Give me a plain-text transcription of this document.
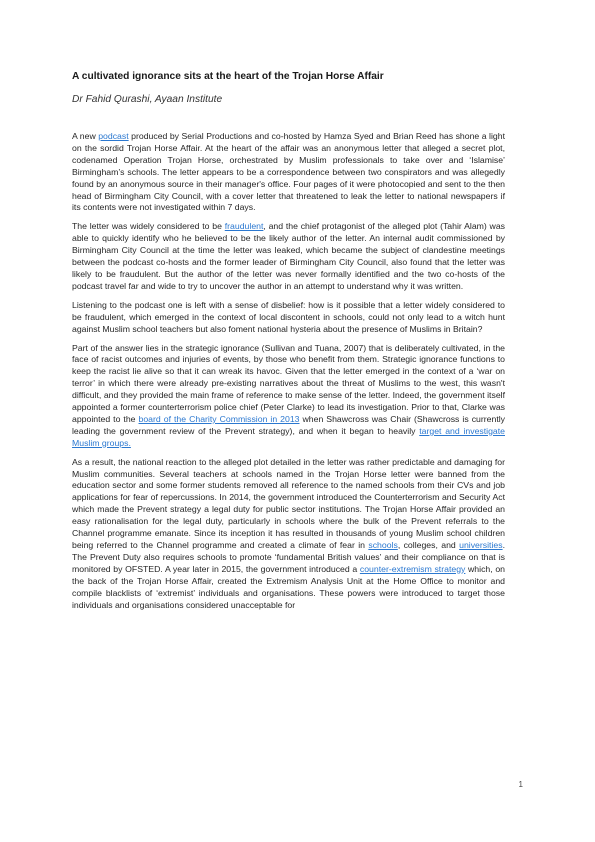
A cultivated ignorance sits at the heart of the Trojan Horse Affair
Dr Fahid Qurashi, Ayaan Institute

A new podcast produced by Serial Productions and co-hosted by Hamza Syed and Brian Reed has shone a light on the sordid Trojan Horse Affair. At the heart of the affair was an anonymous letter that alleged a secret plot, codenamed Operation Trojan Horse, orchestrated by Muslim professionals to take over and ‘Islamise’ Birmingham’s schools. The letter appears to be a correspondence between two conspirators and was allegedly found by an anonymous source in their manager's office. Four pages of it were photocopied and sent to the then head of Birmingham City Council, with a cover letter that threatened to leak the letter to national newspapers if its contents were not investigated within 7 days.

The letter was widely considered to be fraudulent, and the chief protagonist of the alleged plot (Tahir Alam) was able to quickly identify who he believed to be the likely author of the letter. An internal audit commissioned by Birmingham City Council at the time the letter was leaked, which became the subject of clandestine meetings between the podcast co-hosts and the former leader of Birmingham City Council, also found that the letter was likely to be fraudulent. But the author of the letter was never formally identified and the two co-hosts of the podcast travel far and wide to try to uncover the author in an attempt to understand why it was written.

Listening to the podcast one is left with a sense of disbelief: how is it possible that a letter widely considered to be fraudulent, which emerged in the context of local discontent in schools, could not only lead to a witch hunt against Muslim school teachers but also foment national hysteria about the presence of Muslims in Britain?

Part of the answer lies in the strategic ignorance (Sullivan and Tuana, 2007) that is deliberately cultivated, in the face of racist outcomes and injuries of events, by those who benefit from them. Strategic ignorance functions to keep the racist lie alive so that it can wreak its havoc. Given that the letter emerged in the context of a ‘war on terror’ in which there were already pre-existing narratives about the threat of Muslims to the west, this wasn't difficult, and they provided the main frame of reference to make sense of the letter. Indeed, the government itself appointed a former counterterrorism police chief (Peter Clarke) to lead its investigation. Prior to that, Clarke was appointed to the board of the Charity Commission in 2013 when Shawcross was Chair (Shawcross is currently leading the government review of the Prevent strategy), and when it began to heavily target and investigate Muslim groups.

As a result, the national reaction to the alleged plot detailed in the letter was rather predictable and damaging for Muslim communities. Several teachers at schools named in the Trojan Horse letter were banned from the education sector and some former students removed all reference to the named schools from their CVs and job applications for fear of repercussions. In 2014, the government introduced the Counterterrorism and Security Act which made the Prevent strategy a legal duty for public sector institutions. The Trojan Horse Affair provided an easy rationalisation for the legal duty, particularly in schools where the bulk of the Prevent referrals to the Channel programme emanate. Since its inception it has resulted in thousands of young Muslim school children being referred to the Channel programme and created a climate of fear in schools, colleges, and universities. The Prevent Duty also requires schools to promote ‘fundamental British values’ and their compliance on that is monitored by OFSTED. A year later in 2015, the government introduced a counter-extremism strategy which, on the back of the Trojan Horse Affair, created the Extremism Analysis Unit at the Home Office to monitor and compile blacklists of ‘extremist’ individuals and organisations. These powers were introduced to target those individuals and organisations considered unacceptable for

1
